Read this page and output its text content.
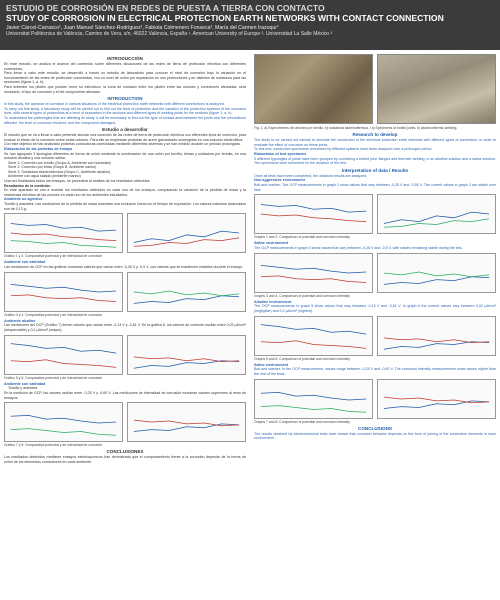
ESTUDIO DE CORROSIÓN EN REDES DE PUESTA A TIERRA CON CONTACTO
STUDY OF CORROSION IN ELECTRICAL PROTECTION EARTH NETWORKS WITH CONTACT CONNECTION
Javier Cárcel-Carrasco¹, Juan Manuel Sánchez-Rodríguez², Fabiola Colmenero Fonseca³, María del Carmen Irazoqui⁴
Universitat Politècnica de València, Camino de Vera, s/n, 46022 València, España ¹. American University of Europe ². Universidad La Salle México ³
INTRODUCCIÓN
En este estudio, se analiza el avance del contenido sobre diferentes situaciones de las redes de tierra de protección eléctrica con diferentes conexiones.
Para llevar a cabo este estudio, se desarrolló a través un estudio de laboratorio para conocer el nivel de corrosión bajo la variación en el funcionamiento de las redes de protección conectadas, con un nivel de unión por separación en sus protecciones y en distintos de soldadura para las secciones (figura 1, a, b).
Para entender los pilotes que pueden tener su estructura, la zona de contacto entre los pilotes entre las uniones y conexiones afectadas, será necesario, el tipo de corrosión y el del componente afectado.
INTRODUCTION
In this study, the advance of corrosion in various situations of the electrical protection earth networks with different connections is analyzed.
To carry out this study, a laboratory study will be carried out to find out the level of protection and the variation of the protection systems of the corrosion level, with several types of protections at a level of separation in the sections and different types of welding joints for the sections (figure 1, a, b).
To understand the pathologies that are affecting its study, it will be necessary to find out the type of contact area between the joints and the connections affected, the level of corrosion involved, and the component damaged.
Estudio a desarrollar
El estudio que se va a llevar a cabo pretende simular una conexión de las redes de tierra de protección eléctrica con diferentes tipos de conexión, para evaluar el efecto de la corrosión sobre estas uniones. Para ello se emplearán probetas de acero galvanizado sumergidas en una solución electrolítica.
Con este objetivo se han analizado probetas conductoras conectadas mediante diferentes sistemas y se han medido durante un periodo prolongado.
Elaboración de las probetas de ensayo
Se han agrupado 3 tipologías diferentes de forma de unión mediante la combinación de una unión por tornillo, bridas y soldadura por termita, en una solución alcalina y una solución salina.
Serie 1: Conexión por tornillo (Grupo A, Ambiente con humedad)
Serie 2: Conexión por brida (Grupo B, Ambiente salino)
Serie 3: Soldadura aluminotérmica (Grupo C, Ambiente alcalino)
Ambiente con agua salada (ambiente marino)
Una vez finalizados todos los ensayos, se procederá al análisis de los resultados obtenidos.
Resultados de la medición
En este apartado se van a mostrar los resultados obtenidos en cada uno de los ensayos, comparando la variación de la pérdida de masa y la resistencia eléctrica de las uniones en cada uno de los ambientes estudiados.
Ambiente no agresivo
Tornillo y arandela: Las mediciones de la pérdida de masa muestran una evolución lineal con el tiempo de exposición. Los valores máximos alcanzados son de 0,13 g.
Gráfico 1 y 2. Comparativa potencial y de intensidad de corrosión
Ambiente con salinidad
Las mediciones de OCP en las gráficas muestran valores que varían entre -0,25 V y -0,5 V, con valores que se mantienen estables durante el ensayo.
Gráfico 3 y 4. Comparativa potencial y de intensidad de corrosión
Ambiente alcalino
Las mediciones del OCP (Gráfico 7) tienen valores que varían entre -0,14 V y -0,61 V. En la gráfica 8, los valores de corriente oscilan entre 0,02 μA/cm² (despreciable) y 0,2 μA/cm² (mayor).
Gráfico 5 y 6. Comparativa potencial y de intensidad de corrosión
Ambiente con salinidad
Tornillo y arandela
En la medición de OCP, los valores oscilan entre -0,25 V y -0,60 V. Las mediciones de intensidad de corrosión muestran valores superiores al resto de ensayos.
Gráfico 7 y 8. Comparativa potencial y de intensidad de corrosión
CONCLUSIONES
Los resultados obtenidos mediante ensayos electroquímicos han demostrado que el comportamiento frente a la corrosión depende de la forma de unión de los elementos conductores en cada ambiente.
Fig. 1. a) Especímenes de uniones por tornillo, b) soldadura aluminotérmica. / a) Specimens of bolted joints, b) aluminothermic welding.
Research to develop
The study to be carried out intends to simulate the connection of the electrical protection earth networks with different types of connection, in order to evaluate the effect of corrosion on these joints.
To this end, conductive specimens connected by different systems have been analyzed over a prolonged period.
Elaboration of test specimens
3 different typologies of joints have been grouped by combining a bolted joint, flanges and thermite welding, in an alkaline solution and a saline solution. The specimens were immersed for the duration of the test.
Interpretation of data / Results
Once all tests have been completed, the obtained results are analyzed.
Non-aggressive environment
Bolt and washer: The OCP measurements in graph 1 show values that vary between -0,25 V and -0,55 V. The current values in graph 2 are stable over time.
Graphs 1 and 2. Comparison of potential and corrosion intensity
Saline environment
The OCP measurements in graph 3 show values that vary between -0,25 V and -0,5 V, with values remaining stable during the test.
Graphs 3 and 4. Comparison of potential and corrosion intensity
Alkaline environment
The OCP measurements in graph 5 show values that vary between -0,14 V and -0,61 V. In graph 6 the current values vary between 0,02 μA/cm² (negligible) and 0,2 μA/cm² (highest).
Graphs 5 and 6. Comparison of potential and corrosion intensity
Saline environment
Bolt and washer: In the OCP measurement, values range between -0,25 V and -0,60 V. The corrosion intensity measurements show values higher than the rest of the tests.
Graphs 7 and 8. Comparison of potential and corrosion intensity
CONCLUSIONS
The results obtained by electrochemical tests have shown that corrosion behavior depends on the form of joining of the conductive elements in each environment.
